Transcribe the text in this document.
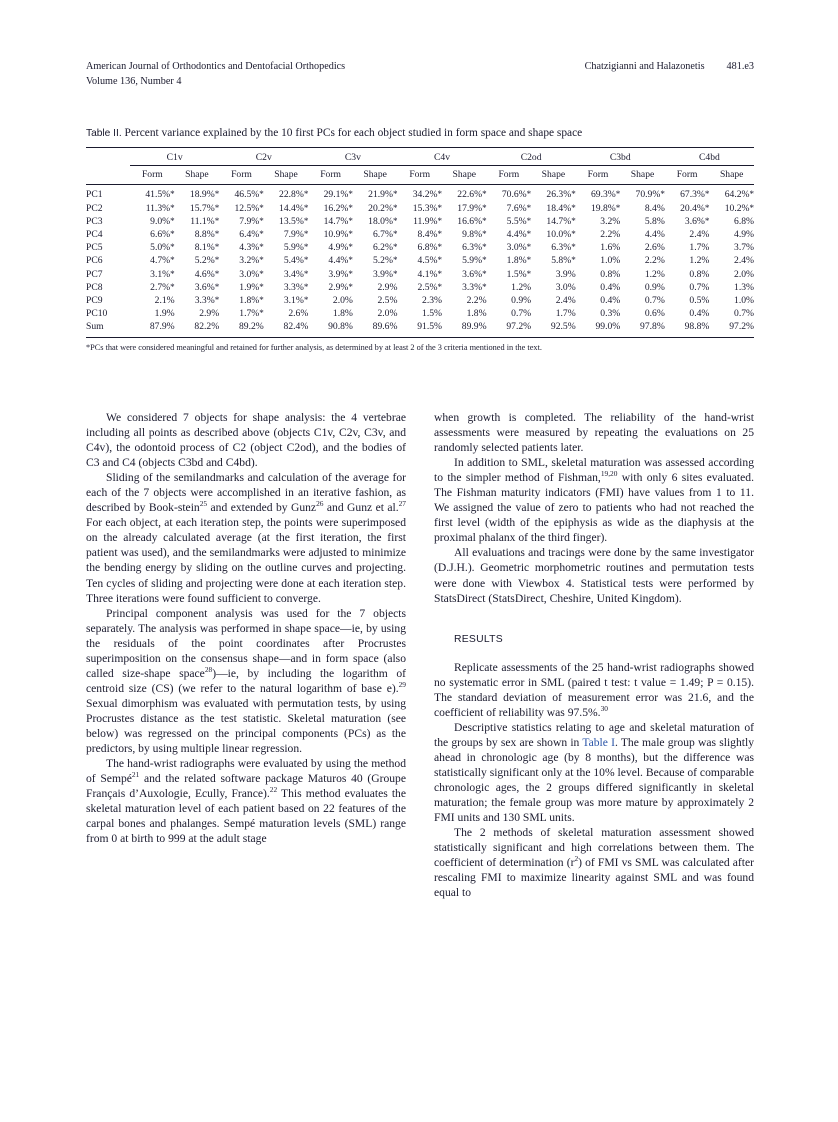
American Journal of Orthodontics and Dentofacial Orthopedics
Volume 136, Number 4
Chatzigianni and Halazonetis 481.e3
Table II. Percent variance explained by the 10 first PCs for each object studied in form space and shape space
	C1v		C2v		C3v		C4v		C2od		C3bd		C4bd	
	Form	Shape	Form	Shape	Form	Shape	Form	Shape	Form	Shape	Form	Shape	Form	Shape
PC1	41.5%*	18.9%*	46.5%*	22.8%*	29.1%*	21.9%*	34.2%*	22.6%*	70.6%*	26.3%*	69.3%*	70.9%*	67.3%*	64.2%*
PC2	11.3%*	15.7%*	12.5%*	14.4%*	16.2%*	20.2%*	15.3%*	17.9%*	7.6%*	18.4%*	19.8%*	8.4%	20.4%*	10.2%*
PC3	9.0%*	11.1%*	7.9%*	13.5%*	14.7%*	18.0%*	11.9%*	16.6%*	5.5%*	14.7%*	3.2%	5.8%	3.6%*	6.8%
PC4	6.6%*	8.8%*	6.4%*	7.9%*	10.9%*	6.7%*	8.4%*	9.8%*	4.4%*	10.0%*	2.2%	4.4%	2.4%	4.9%
PC5	5.0%*	8.1%*	4.3%*	5.9%*	4.9%*	6.2%*	6.8%*	6.3%*	3.0%*	6.3%*	1.6%	2.6%	1.7%	3.7%
PC6	4.7%*	5.2%*	3.2%*	5.4%*	4.4%*	5.2%*	4.5%*	5.9%*	1.8%*	5.8%*	1.0%	2.2%	1.2%	2.4%
PC7	3.1%*	4.6%*	3.0%*	3.4%*	3.9%*	3.9%*	4.1%*	3.6%*	1.5%*	3.9%	0.8%	1.2%	0.8%	2.0%
PC8	2.7%*	3.6%*	1.9%*	3.3%*	2.9%*	2.9%	2.5%*	3.3%*	1.2%	3.0%	0.4%	0.9%	0.7%	1.3%
PC9	2.1%	3.3%*	1.8%*	3.1%*	2.0%	2.5%	2.3%	2.2%	0.9%	2.4%	0.4%	0.7%	0.5%	1.0%
PC10	1.9%	2.9%	1.7%*	2.6%	1.8%	2.0%	1.5%	1.8%	0.7%	1.7%	0.3%	0.6%	0.4%	0.7%
Sum	87.9%	82.2%	89.2%	82.4%	90.8%	89.6%	91.5%	89.9%	97.2%	92.5%	99.0%	97.8%	98.8%	97.2%
*PCs that were considered meaningful and retained for further analysis, as determined by at least 2 of the 3 criteria mentioned in the text.

We considered 7 objects for shape analysis: the 4 vertebrae including all points as described above (objects C1v, C2v, C3v, and C4v), the odontoid process of C2 (object C2od), and the bodies of C3 and C4 (objects C3bd and C4bd).

Sliding of the semilandmarks and calculation of the average for each of the 7 objects were accomplished in an iterative fashion, as described by Book-stein$^{25}$ and extended by Gunz$^{26}$ and Gunz et al.$^{27}$ For each object, at each iteration step, the points were superimposed on the already calculated average (at the first iteration, the first patient was used), and the semilandmarks were adjusted to minimize the bending energy by sliding on the outline curves and projecting. Ten cycles of sliding and projecting were done at each iteration step. Three iterations were found sufficient to converge.

Principal component analysis was used for the 7 objects separately. The analysis was performed in shape space—ie, by using the residuals of the point coordinates after Procrustes superimposition on the consensus shape—and in form space (also called size-shape space$^{28}$)—ie, by including the logarithm of centroid size (CS) (we refer to the natural logarithm of base e).$^{29}$ Sexual dimorphism was evaluated with permutation tests, by using Procrustes distance as the test statistic. Skeletal maturation (see below) was regressed on the principal components (PCs) as the predictors, by using multiple linear regression.

The hand-wrist radiographs were evaluated by using the method of Sempé$^{21}$ and the related software package Maturos 40 (Groupe Français d’Auxologie, Ecully, France).$^{22}$ This method evaluates the skeletal maturation level of each patient based on 22 features of the carpal bones and phalanges. Sempé maturation levels (SML) range from 0 at birth to 999 at the adult stage

when growth is completed. The reliability of the hand-wrist assessments were measured by repeating the evaluations on 25 randomly selected patients later.

In addition to SML, skeletal maturation was assessed according to the simpler method of Fishman,$^{19,20}$ with only 6 sites evaluated. The Fishman maturity indicators (FMI) have values from 1 to 11. We assigned the value of zero to patients who had not reached the first level (width of the epiphysis as wide as the diaphysis at the proximal phalanx of the third finger).

All evaluations and tracings were done by the same investigator (D.J.H.). Geometric morphometric routines and permutation tests were done with Viewbox 4. Statistical tests were performed by StatsDirect (StatsDirect, Cheshire, United Kingdom).

RESULTS

Replicate assessments of the 25 hand-wrist radiographs showed no systematic error in SML (paired t test: t value = 1.49; P = 0.15). The standard deviation of measurement error was 21.6, and the coefficient of reliability was 97.5%.$^{30}$

Descriptive statistics relating to age and skeletal maturation of the groups by sex are shown in Table I. The male group was slightly ahead in chronologic age (by 8 months), but the difference was statistically significant only at the 10% level. Because of comparable chronologic ages, the 2 groups differed significantly in skeletal maturation; the female group was more mature by approximately 2 FMI units and 130 SML units.

The 2 methods of skeletal maturation assessment showed statistically significant and high correlations between them. The coefficient of determination $(r^2)$ of FMI vs SML was calculated after rescaling FMI to maximize linearity against SML and was found equal to
